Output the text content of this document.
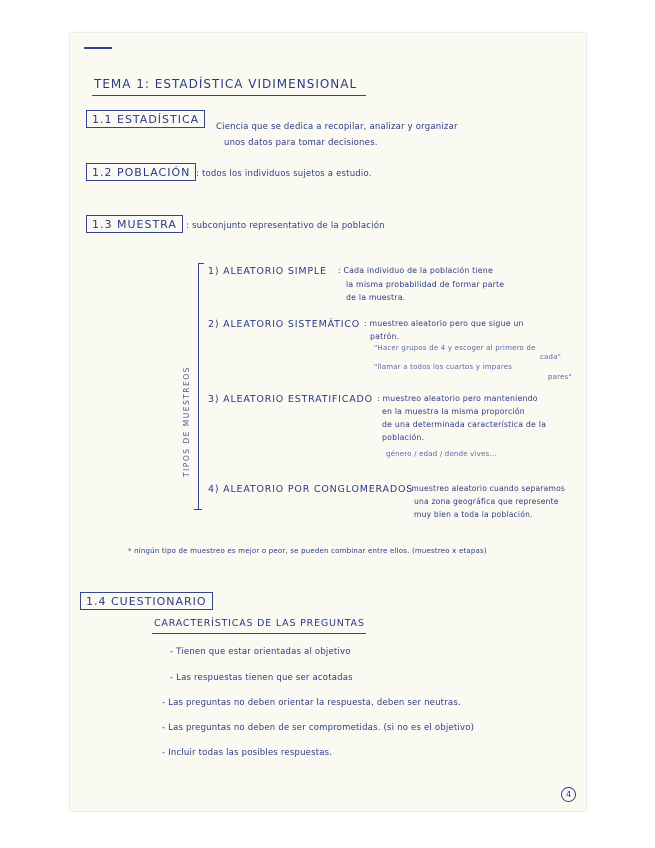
TEMA 1: ESTADÍSTICA VIDIMENSIONAL
1.1 ESTADÍSTICA
Ciencia que se dedica a recopilar, analizar y organizar
unos datos para tomar decisiones.
1.2 POBLACIÓN : todos los individuos sujetos a estudio.
1.3 MUESTRA	: subconjunto representativo de la población
TIPOS DE MUESTREOS
1) ALEATORIO SIMPLE : Cada individuo de la población tiene
la misma probabilidad de formar parte
de la muestra.
2) ALEATORIO SISTEMÁTICO : muestreo aleatorio pero que sigue un
patrón.
"Hacer grupos de 4 y escoger al primero de
cada"
"llamar a todos los cuartos y impares
pares"
3) ALEATORIO ESTRATIFICADO : muestreo aleatorio pero manteniendo
en la muestra la misma proporción
de una determinada característica de la
población.
género / edad / donde vives...
4) ALEATORIO POR CONGLOMERADOS
: muestreo aleatorio cuando separamos
una zona geográfica que represente
muy bien a toda la población.
* ningún tipo de muestreo es mejor o peor, se pueden combinar entre ellos. (muestreo x etapas)
1.4 CUESTIONARIO
CARACTERÍSTICAS DE LAS PREGUNTAS
- Tienen que estar orientadas al objetivo
- Las respuestas tienen que ser acotadas
- Las preguntas no deben orientar la respuesta, deben ser neutras.
- Las preguntas no deben de ser comprometidas. (si no es el objetivo)
- Incluir todas las posibles respuestas.
4
